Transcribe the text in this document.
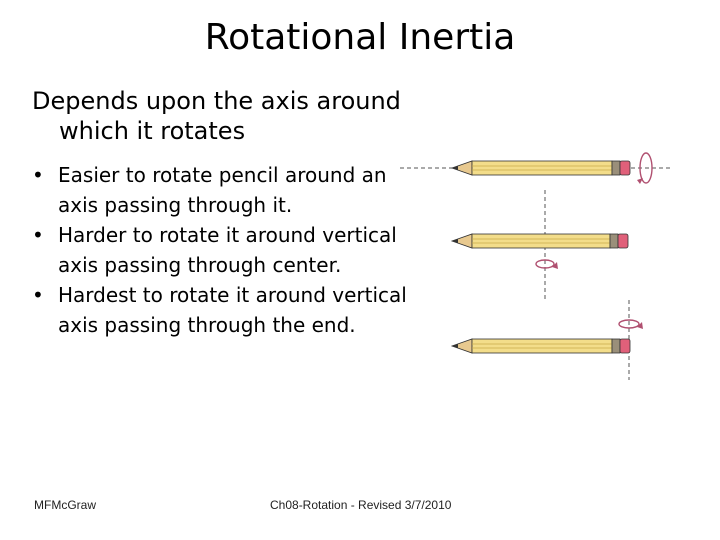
Rotational Inertia
Depends upon the axis around
which it rotates
• Easier to rotate pencil around an axis passing through it.
• Harder to rotate it around vertical axis passing through center.
• Hardest to rotate it around vertical axis passing through the end.
MFMcGraw	Ch08-Rotation - Revised 3/7/2010
